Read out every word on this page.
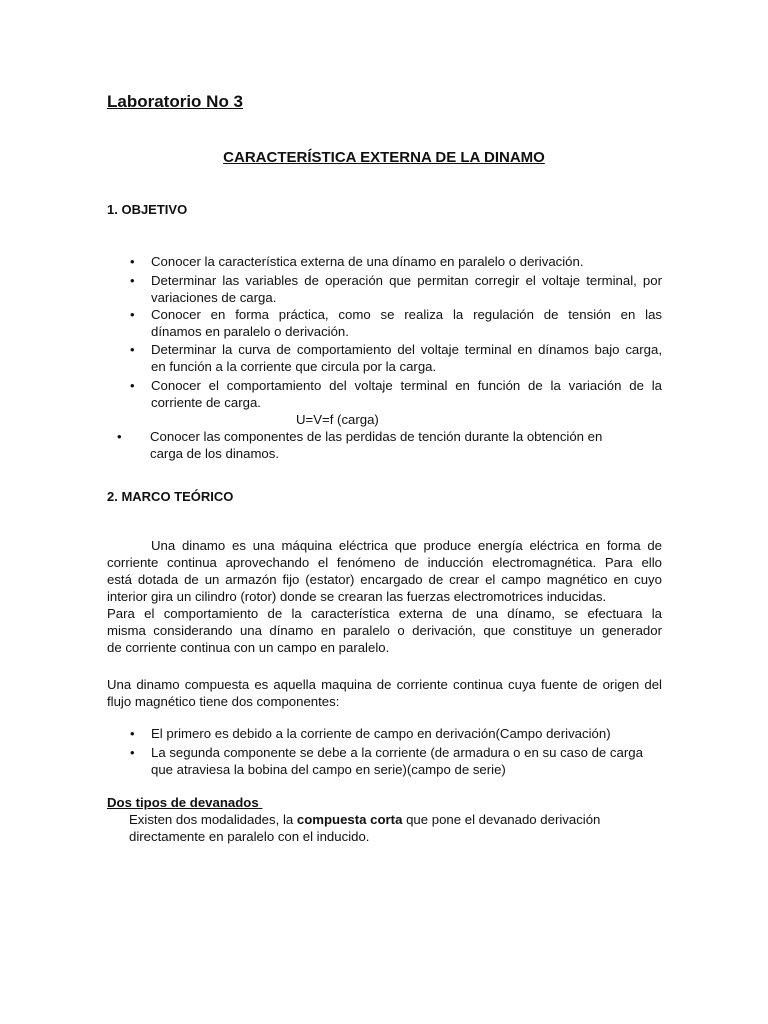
Laboratorio No 3
CARACTERÍSTICA EXTERNA DE LA DINAMO
1. OBJETIVO
• Conocer la característica externa de una dínamo en paralelo o derivación.
• Determinar las variables de operación que permitan corregir el voltaje terminal, por
variaciones de carga.
• Conocer en forma práctica, como se realiza la regulación de tensión en las
dínamos en paralelo o derivación.
• Determinar la curva de comportamiento del voltaje terminal en dínamos bajo carga,
en función a la corriente que circula por la carga.
• Conocer el comportamiento del voltaje terminal en función de la variación de la
corriente de carga.
U=V=f (carga)
•	Conocer las componentes de las perdidas de tención durante la obtención en
carga de los dinamos.
2. MARCO TEÓRICO
Una dinamo es una máquina eléctrica que produce energía eléctrica en forma de
corriente continua aprovechando el fenómeno de inducción electromagnética. Para ello
está dotada de un armazón fijo (estator) encargado de crear el campo magnético en cuyo
interior gira un cilindro (rotor) donde se crearan las fuerzas electromotrices inducidas.
Para el comportamiento de la característica externa de una dínamo, se efectuara la
misma considerando una dínamo en paralelo o derivación, que constituye un generador
de corriente continua con un campo en paralelo.
Una dinamo compuesta es aquella maquina de corriente continua cuya fuente de origen del
flujo magnético tiene dos componentes:
• El primero es debido a la corriente de campo en derivación(Campo derivación)
• La segunda componente se debe a la corriente (de armadura o en su caso de carga
que atraviesa la bobina del campo en serie)(campo de serie)
Dos tipos de devanados
Existen dos modalidades, la compuesta corta que pone el devanado derivación
directamente en paralelo con el inducido.
